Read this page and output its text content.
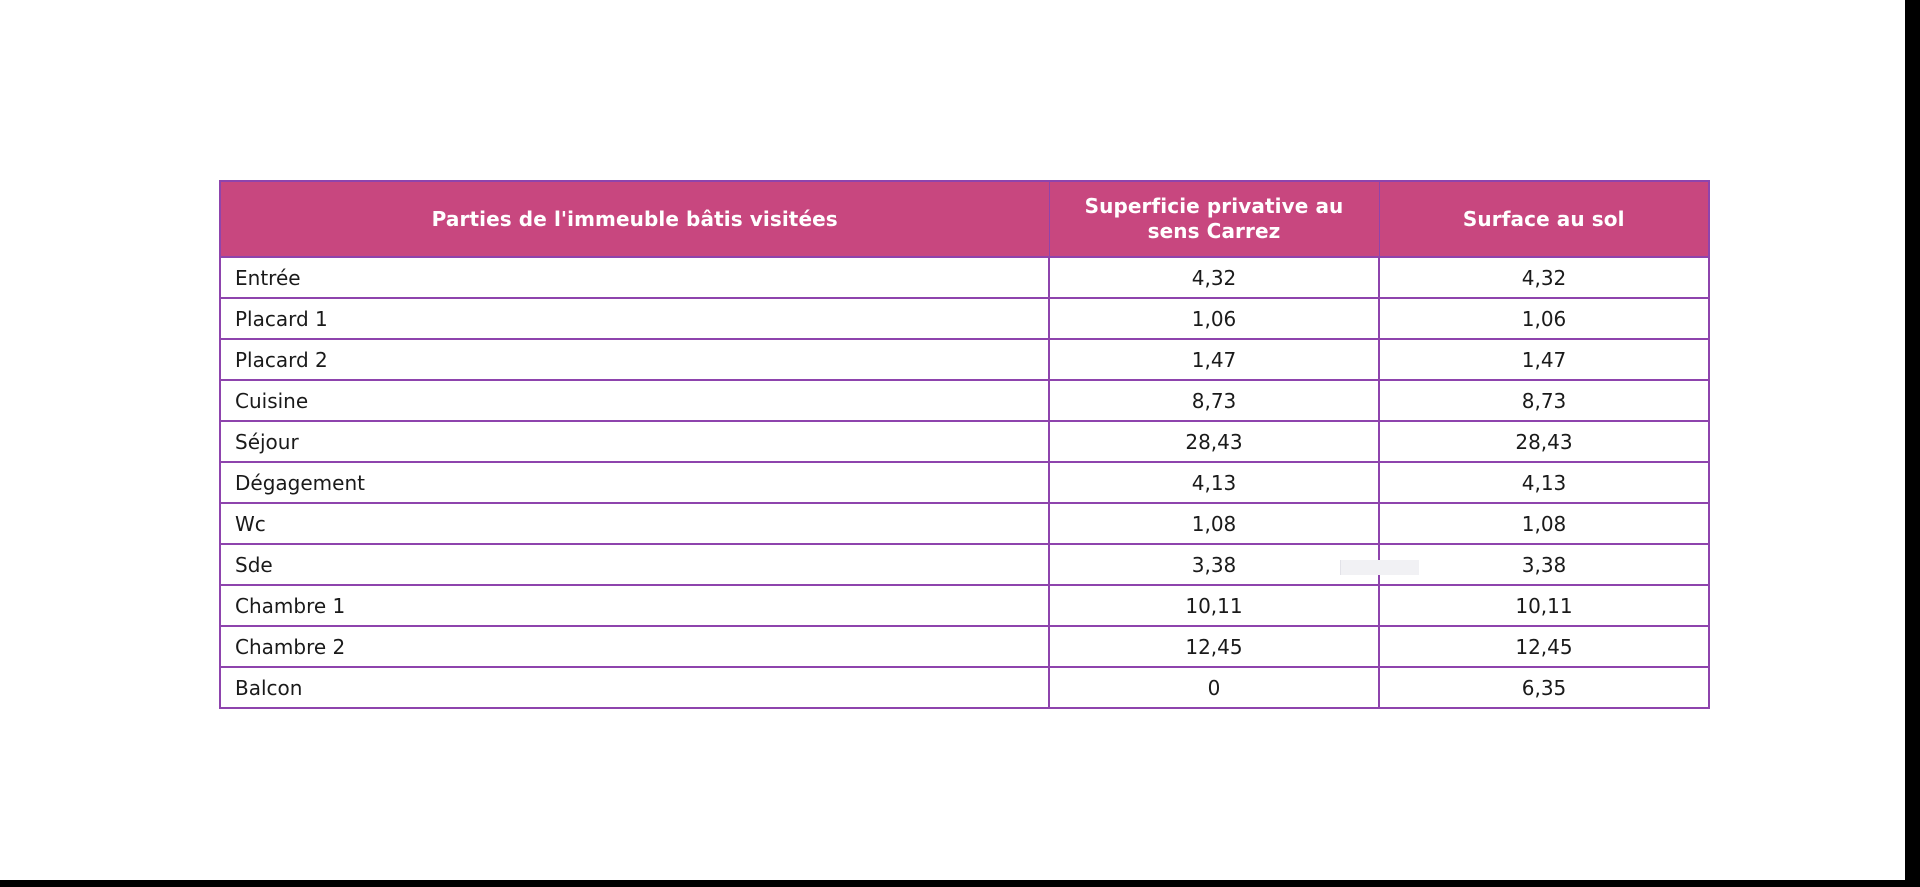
Parties de l'immeuble bâtis visitées	Superficie privative au sens Carrez	Surface au sol
Entrée	4,32	4,32
Placard 1	1,06	1,06
Placard 2	1,47	1,47
Cuisine	8,73	8,73
Séjour	28,43	28,43
Dégagement	4,13	4,13
Wc	1,08	1,08
Sde	3,38	3,38
Chambre 1	10,11	10,11
Chambre 2	12,45	12,45
Balcon	0	6,35
